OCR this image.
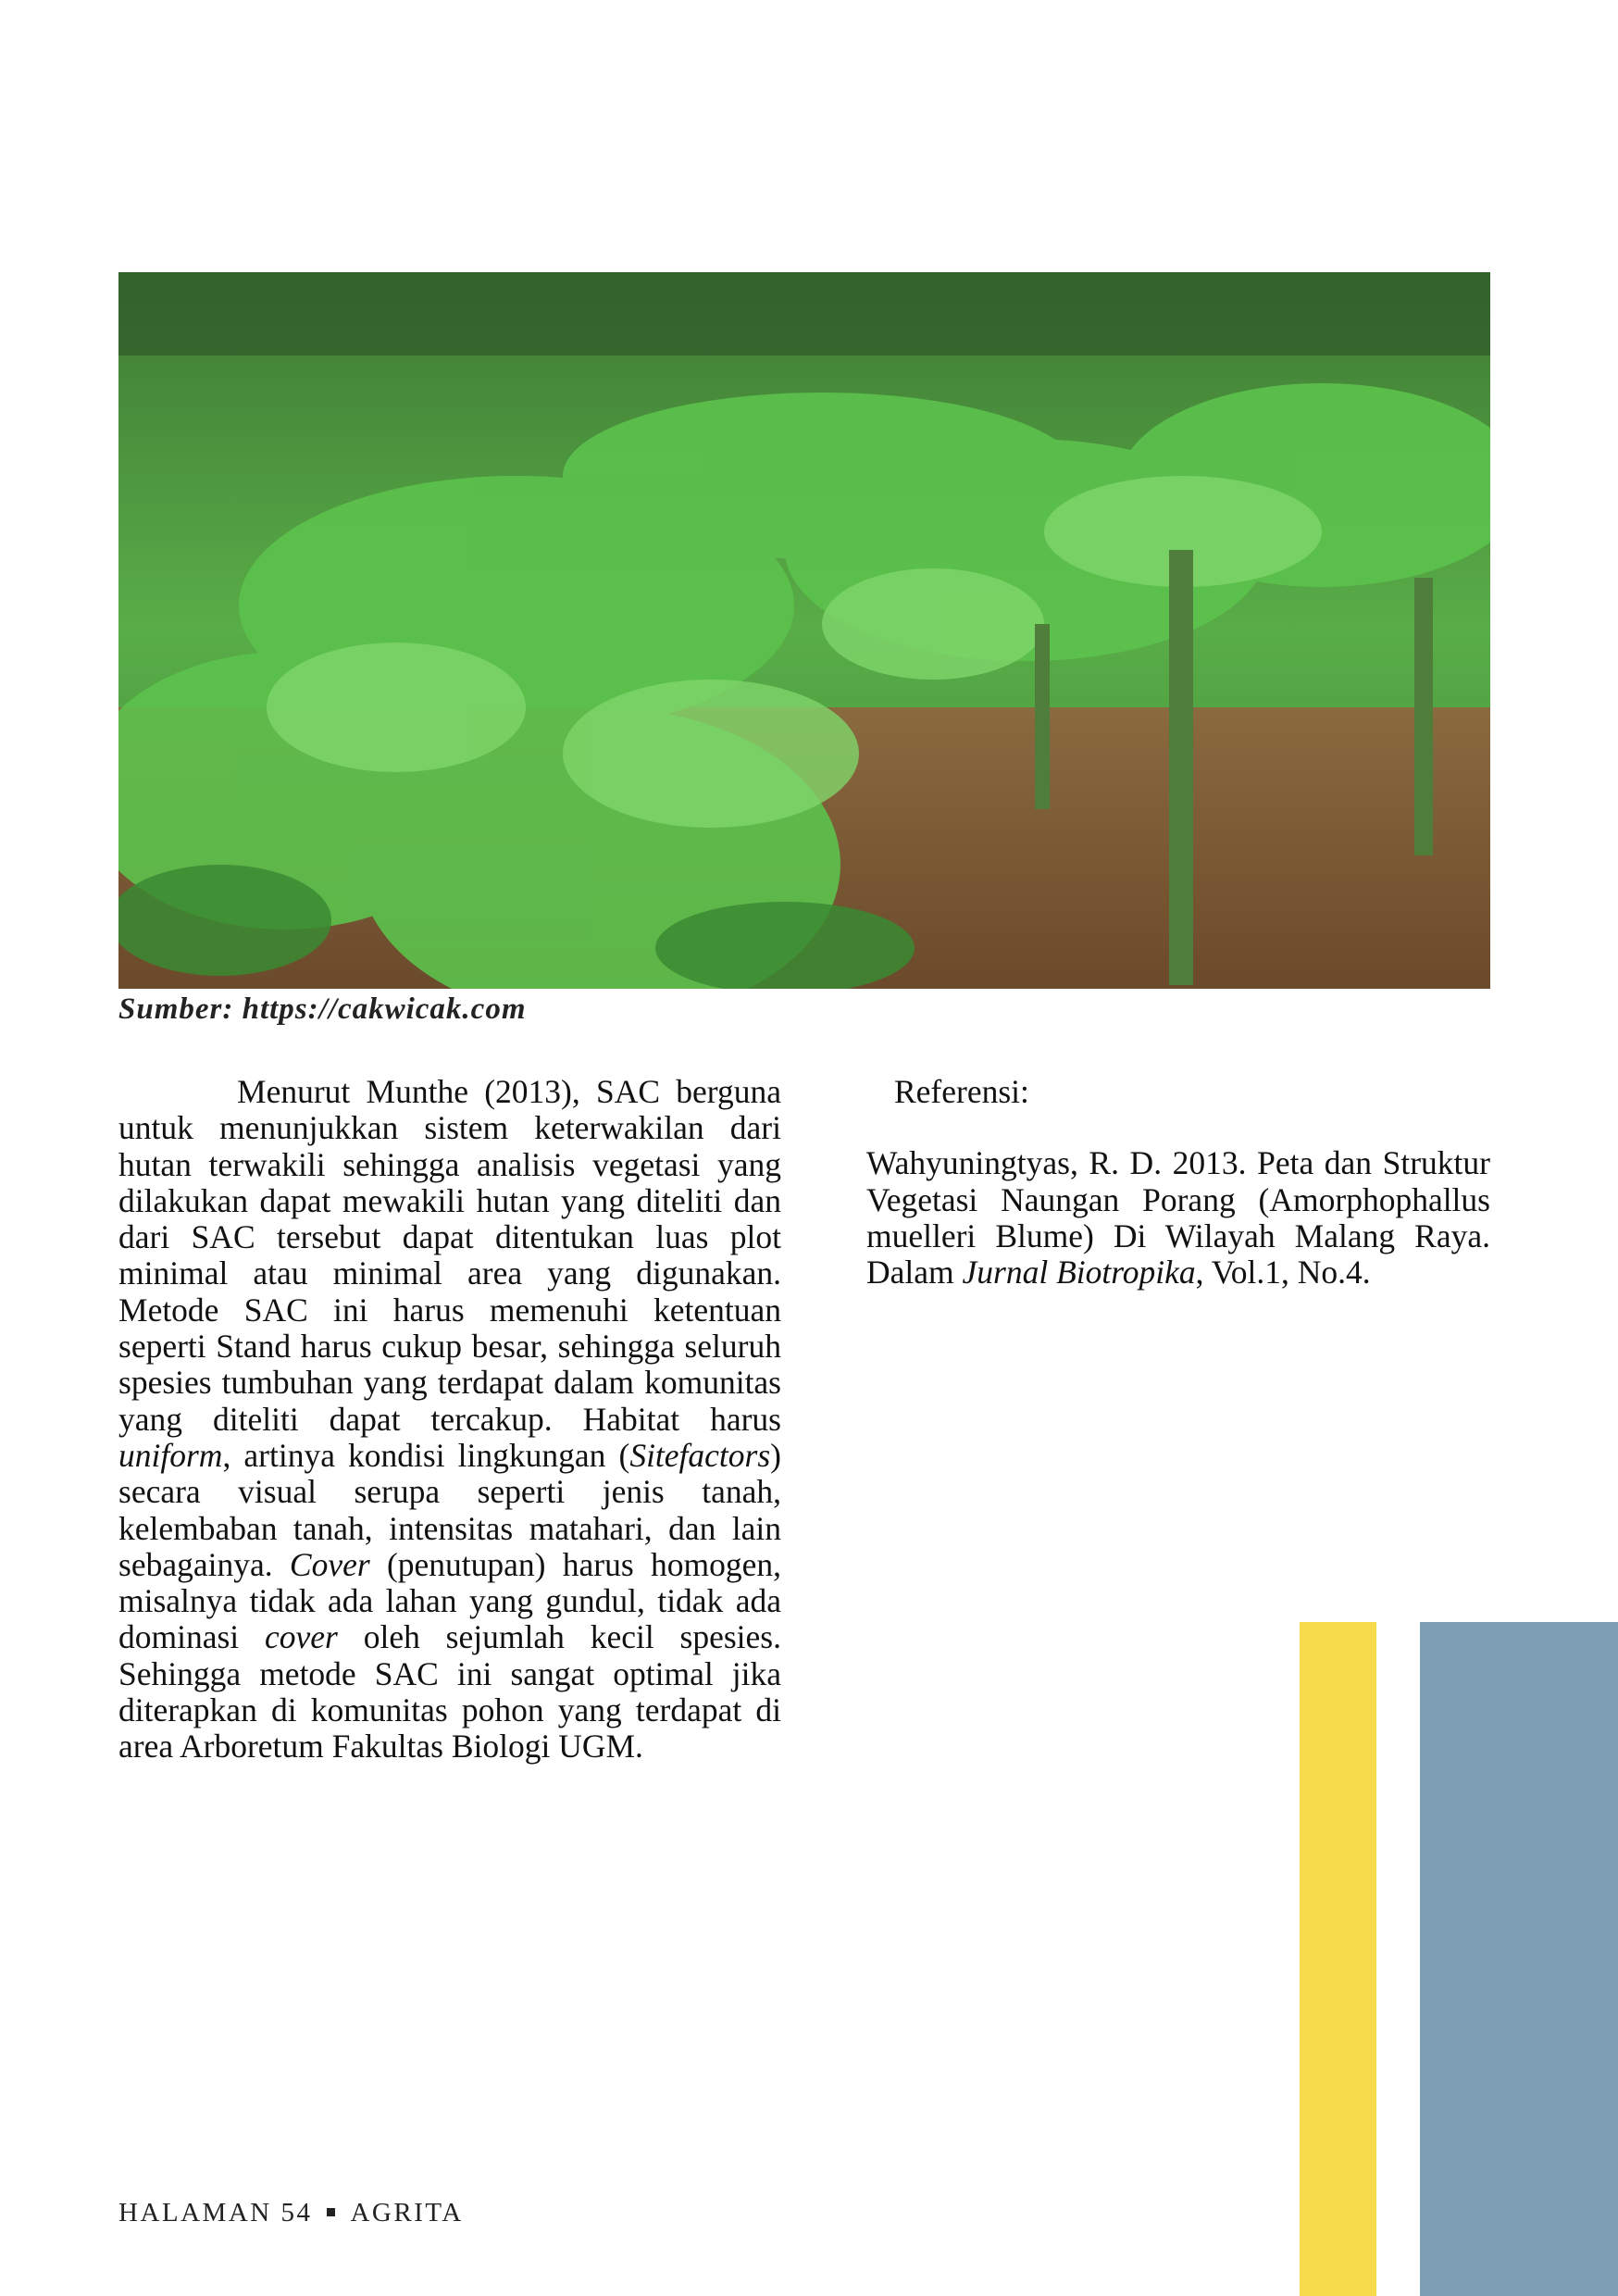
Sumber: https://cakwicak.com

Menurut Munthe (2013), SAC berguna untuk menunjukkan sistem keterwakilan dari hutan terwakili sehingga analisis vegetasi yang dilakukan dapat mewakili hutan yang diteliti dan dari SAC tersebut dapat ditentukan luas plot minimal atau minimal area yang digunakan. Metode SAC ini harus memenuhi ketentuan seperti Stand harus cukup besar, sehingga seluruh spesies tumbuhan yang terdapat dalam komunitas yang diteliti dapat tercakup. Habitat harus uniform, artinya kondisi lingkungan (Sitefactors) secara visual serupa seperti jenis tanah, kelembaban tanah, intensitas matahari, dan lain sebagainya. Cover (penutupan) harus homogen, misalnya tidak ada lahan yang gundul, tidak ada dominasi cover oleh sejumlah kecil spesies. Sehingga metode SAC ini sangat optimal jika diterapkan di komunitas pohon yang terdapat di area Arboretum Fakultas Biologi UGM.

Referensi:

Wahyuningtyas, R. D. 2013. Peta dan Struktur Vegetasi Naungan Porang (Amorphophallus muelleri Blume) Di Wilayah Malang Raya. Dalam Jurnal Biotropika, Vol.1, No.4.

HALAMAN 54 AGRITA
